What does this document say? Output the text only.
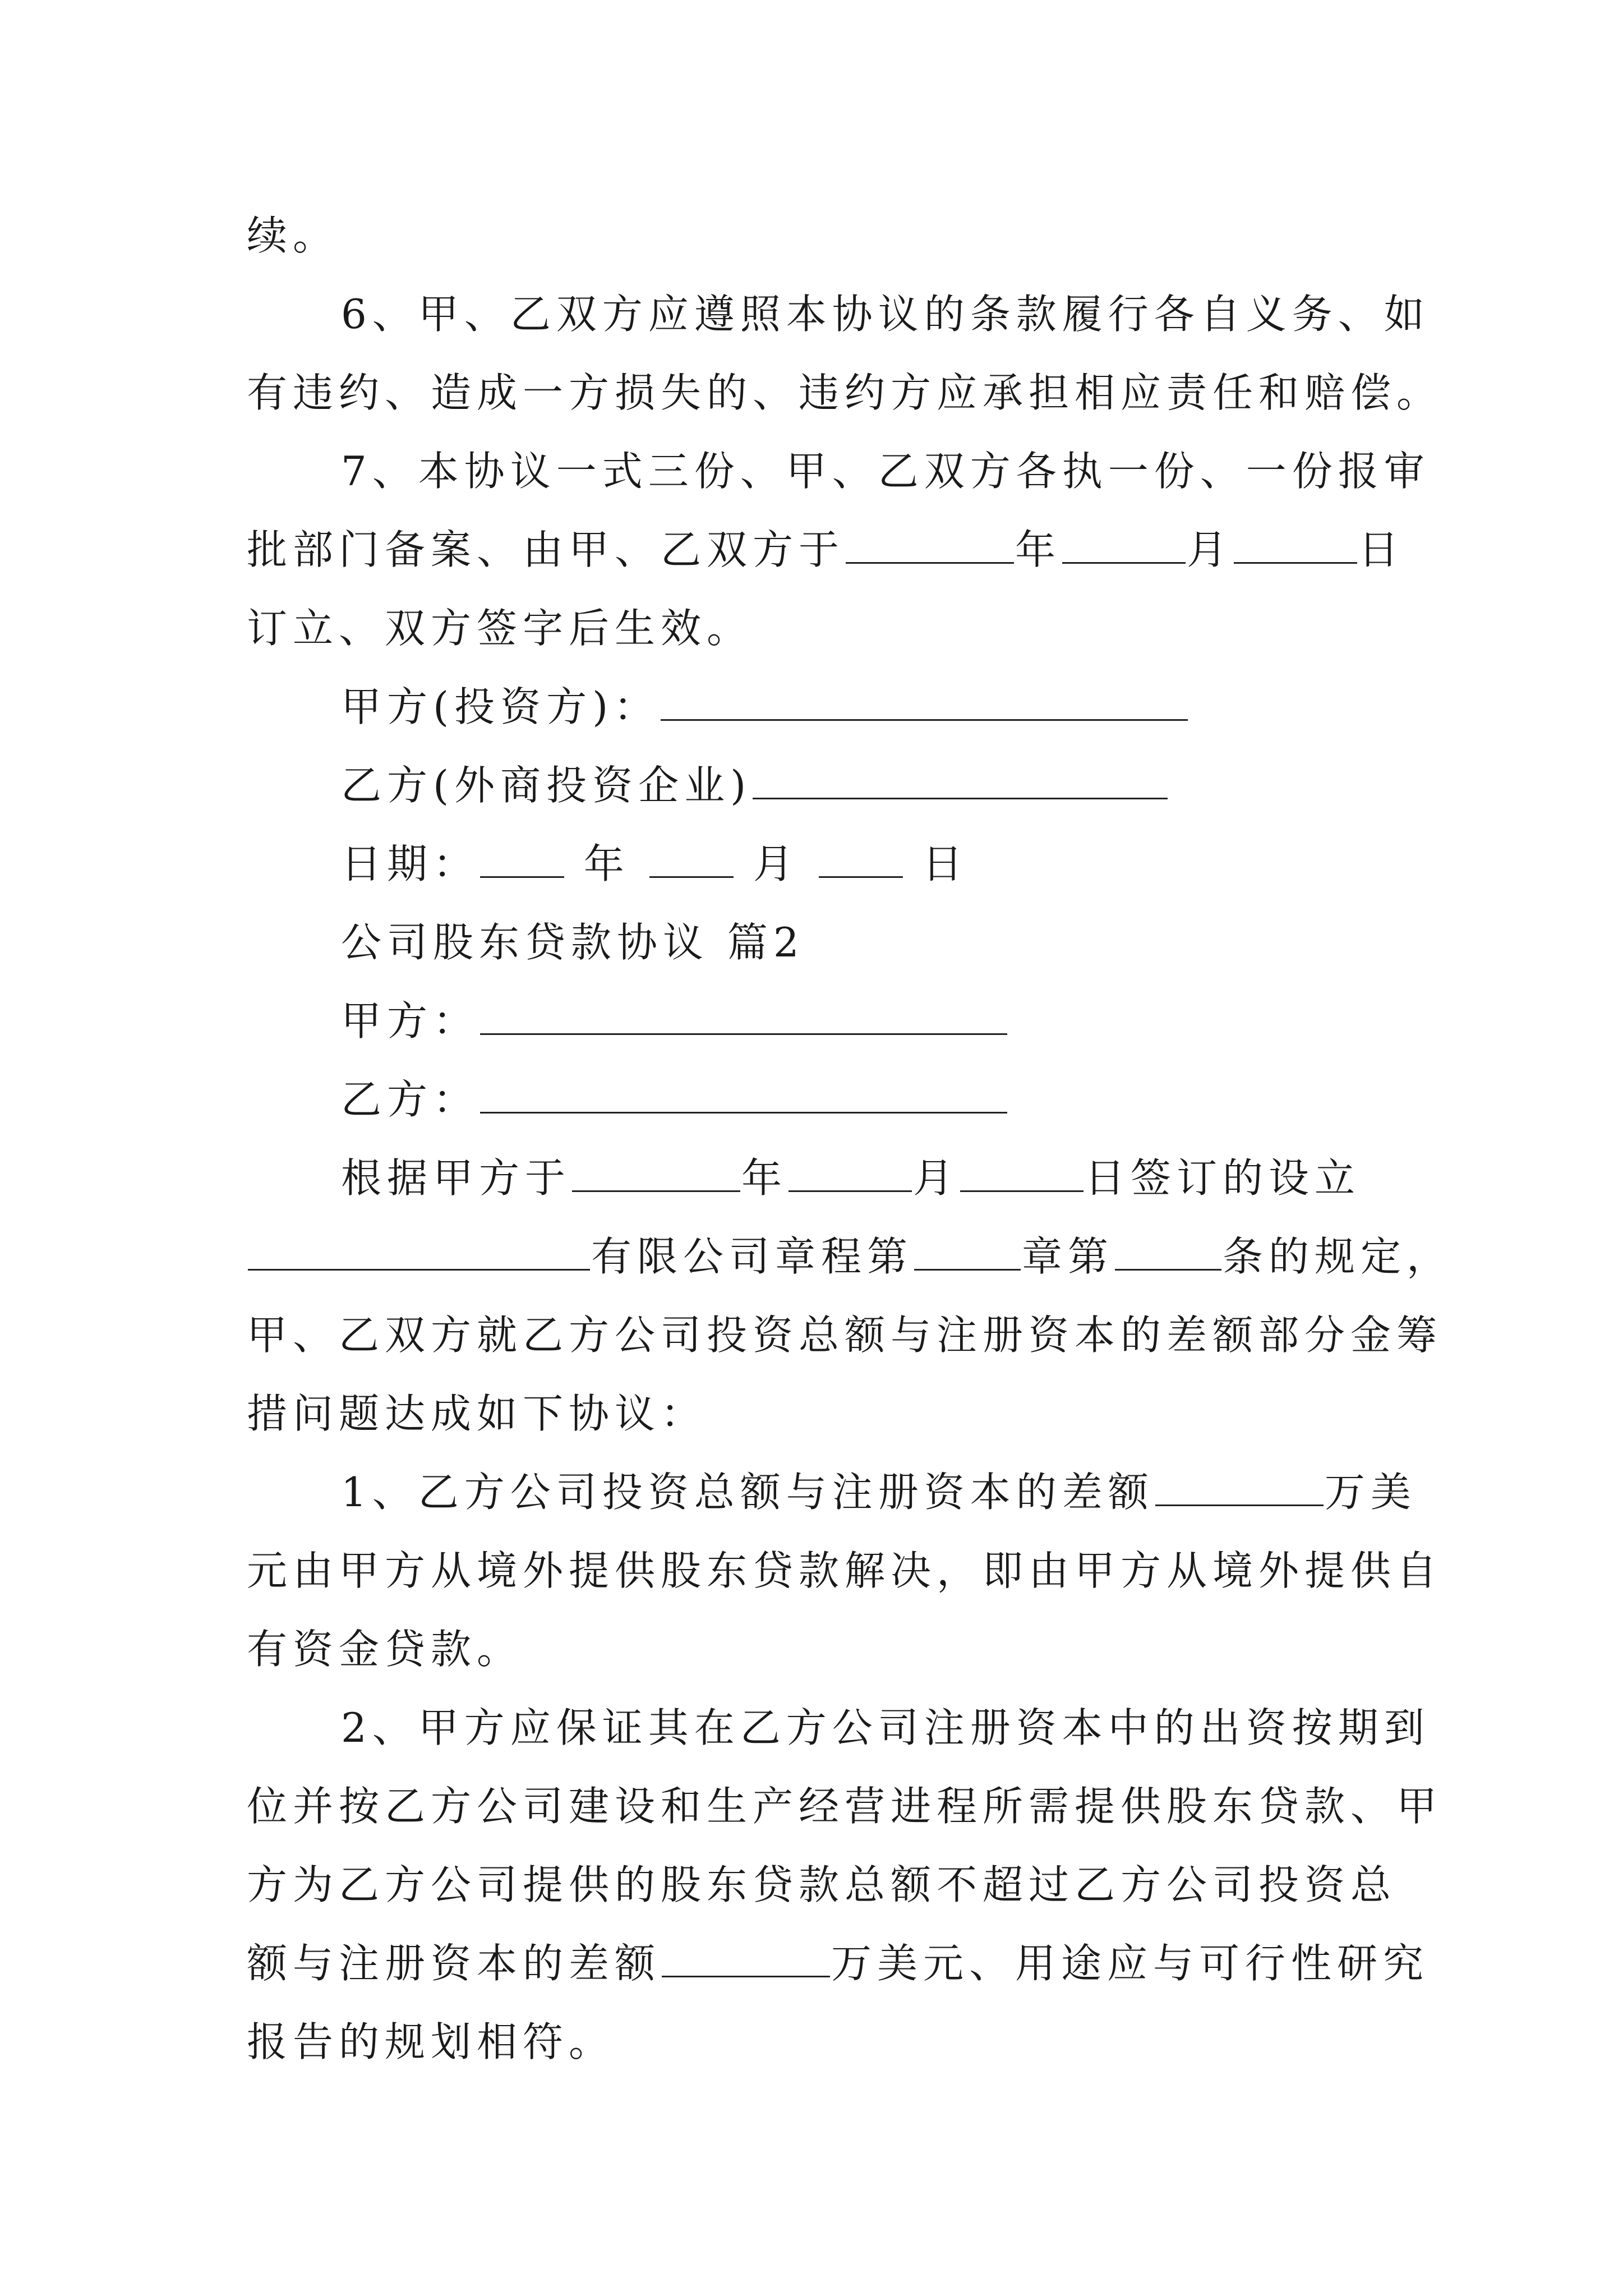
续。
6、甲、乙双方应遵照本协议的条款履行各自义务、如
有违约、造成一方损失的、违约方应承担相应责任和赔偿。
7、本协议一式三份、甲、乙双方各执一份、一份报审
批部门备案、由甲、乙双方于	年	月	日
订立、双方签字后生效。
甲方(投资方)：
乙方(外商投资企业)
日期：	年	月	日
公司股东贷款协议 篇2
甲方：
乙方：
根据甲方于	年	月	日签订的设立
有限公司章程第	章第	条的规定，
甲、乙双方就乙方公司投资总额与注册资本的差额部分金筹
措问题达成如下协议：
1、乙方公司投资总额与注册资本的差额	万美
元由甲方从境外提供股东贷款解决，即由甲方从境外提供自
有资金贷款。
2、甲方应保证其在乙方公司注册资本中的出资按期到
位并按乙方公司建设和生产经营进程所需提供股东贷款、甲
方为乙方公司提供的股东贷款总额不超过乙方公司投资总
额与注册资本的差额	万美元、用途应与可行性研究
报告的规划相符。
